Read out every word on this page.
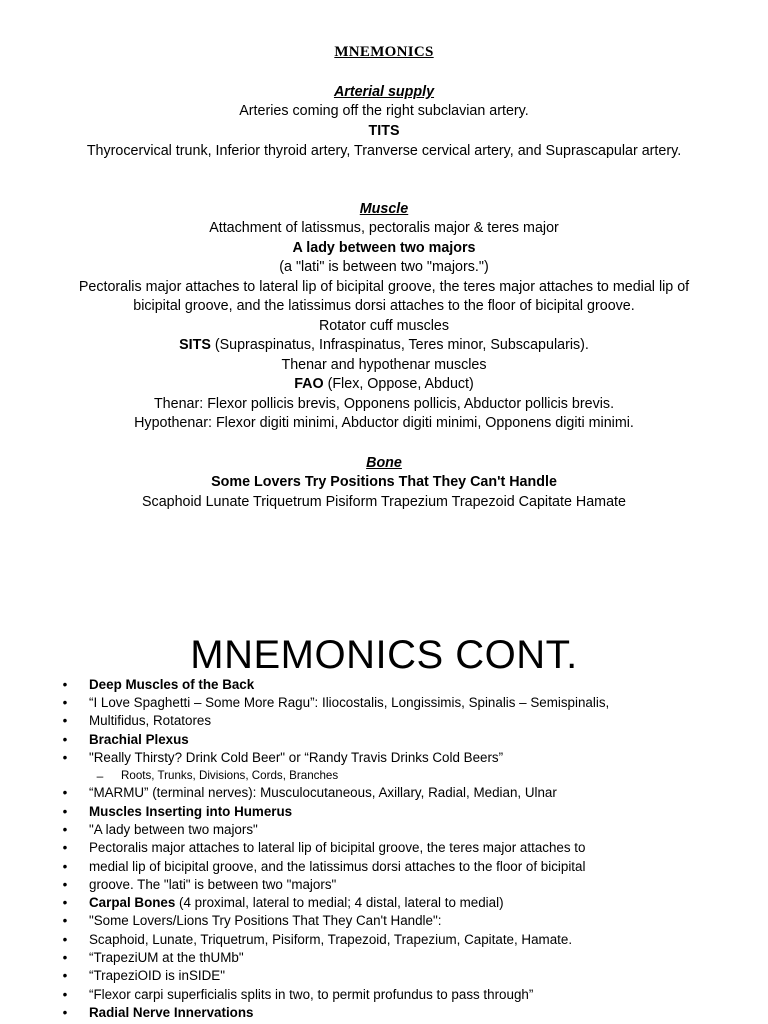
MNEMONICS
Arterial supply
Arteries coming off the right subclavian artery.
TITS
Thyrocervical trunk, Inferior thyroid artery, Tranverse cervical artery, and Suprascapular artery.
Muscle
Attachment of latissmus, pectoralis major & teres major
A lady between two majors
(a "lati" is between two "majors.")
Pectoralis major attaches to lateral lip of bicipital groove, the teres major attaches to medial lip of
bicipital groove, and the latissimus dorsi attaches to the floor of bicipital groove.
Rotator cuff muscles
SITS (Supraspinatus, Infraspinatus, Teres minor, Subscapularis).
Thenar and hypothenar muscles
FAO (Flex, Oppose, Abduct)
Thenar: Flexor pollicis brevis, Opponens pollicis, Abductor pollicis brevis.
Hypothenar: Flexor digiti minimi, Abductor digiti minimi, Opponens digiti minimi.
Bone
Some Lovers Try Positions That They Can't Handle
Scaphoid Lunate Triquetrum Pisiform Trapezium Trapezoid Capitate Hamate
MNEMONICS CONT.
• Deep Muscles of the Back
• “I Love Spaghetti – Some More Ragu”: Iliocostalis, Longissimis, Spinalis – Semispinalis,
• Multifidus, Rotatores
• Brachial Plexus
• "Really Thirsty? Drink Cold Beer" or “Randy Travis Drinks Cold Beers”
– Roots, Trunks, Divisions, Cords, Branches
• “MARMU” (terminal nerves): Musculocutaneous, Axillary, Radial, Median, Ulnar
• Muscles Inserting into Humerus
• "A lady between two majors"
• Pectoralis major attaches to lateral lip of bicipital groove, the teres major attaches to
• medial lip of bicipital groove, and the latissimus dorsi attaches to the floor of bicipital
• groove. The "lati" is between two "majors"
• Carpal Bones (4 proximal, lateral to medial; 4 distal, lateral to medial)
• "Some Lovers/Lions Try Positions That They Can't Handle":
• Scaphoid, Lunate, Triquetrum, Pisiform, Trapezoid, Trapezium, Capitate, Hamate.
• “TrapeziUM at the thUMb"
• “TrapeziOID is inSIDE"
• “Flexor carpi superficialis splits in two, to permit profundus to pass through”
• Radial Nerve Innervations
